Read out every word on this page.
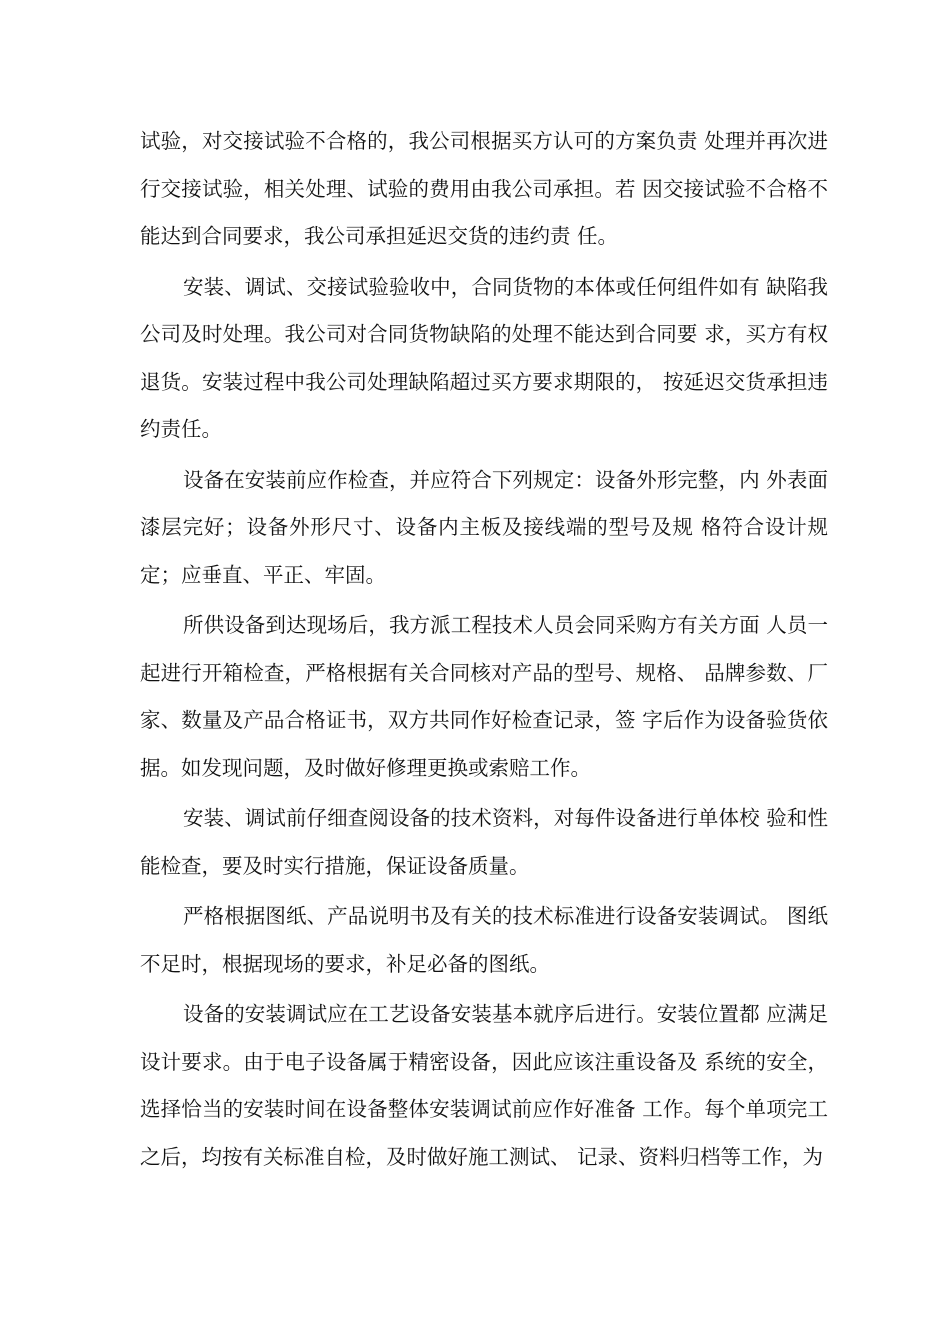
试验，对交接试验不合格的，我公司根据买方认可的方案负责 处理并再次进行交接试验，相关处理、试验的费用由我公司承担。若 因交接试验不合格不能达到合同要求，我公司承担延迟交货的违约责 任。

安装、调试、交接试验验收中，合同货物的本体或任何组件如有 缺陷我公司及时处理。我公司对合同货物缺陷的处理不能达到合同要 求，买方有权退货。安装过程中我公司处理缺陷超过买方要求期限的， 按延迟交货承担违约责任。

设备在安装前应作检查，并应符合下列规定：设备外形完整，内 外表面漆层完好；设备外形尺寸、设备内主板及接线端的型号及规 格符合设计规定；应垂直、平正、牢固。

所供设备到达现场后，我方派工程技术人员会同采购方有关方面 人员一起进行开箱检查，严格根据有关合同核对产品的型号、规格、 品牌参数、厂家、数量及产品合格证书，双方共同作好检查记录，签 字后作为设备验货依据。如发现问题，及时做好修理更换或索赔工作。

安装、调试前仔细查阅设备的技术资料，对每件设备进行单体校 验和性能检查，要及时实行措施，保证设备质量。

严格根据图纸、产品说明书及有关的技术标准进行设备安装调试。 图纸不足时，根据现场的要求，补足必备的图纸。

设备的安装调试应在工艺设备安装基本就序后进行。安装位置都 应满足设计要求。由于电子设备属于精密设备，因此应该注重设备及 系统的安全，选择恰当的安装时间在设备整体安装调试前应作好准备 工作。每个单项完工之后，均按有关标准自检，及时做好施工测试、 记录、资料归档等工作，为
